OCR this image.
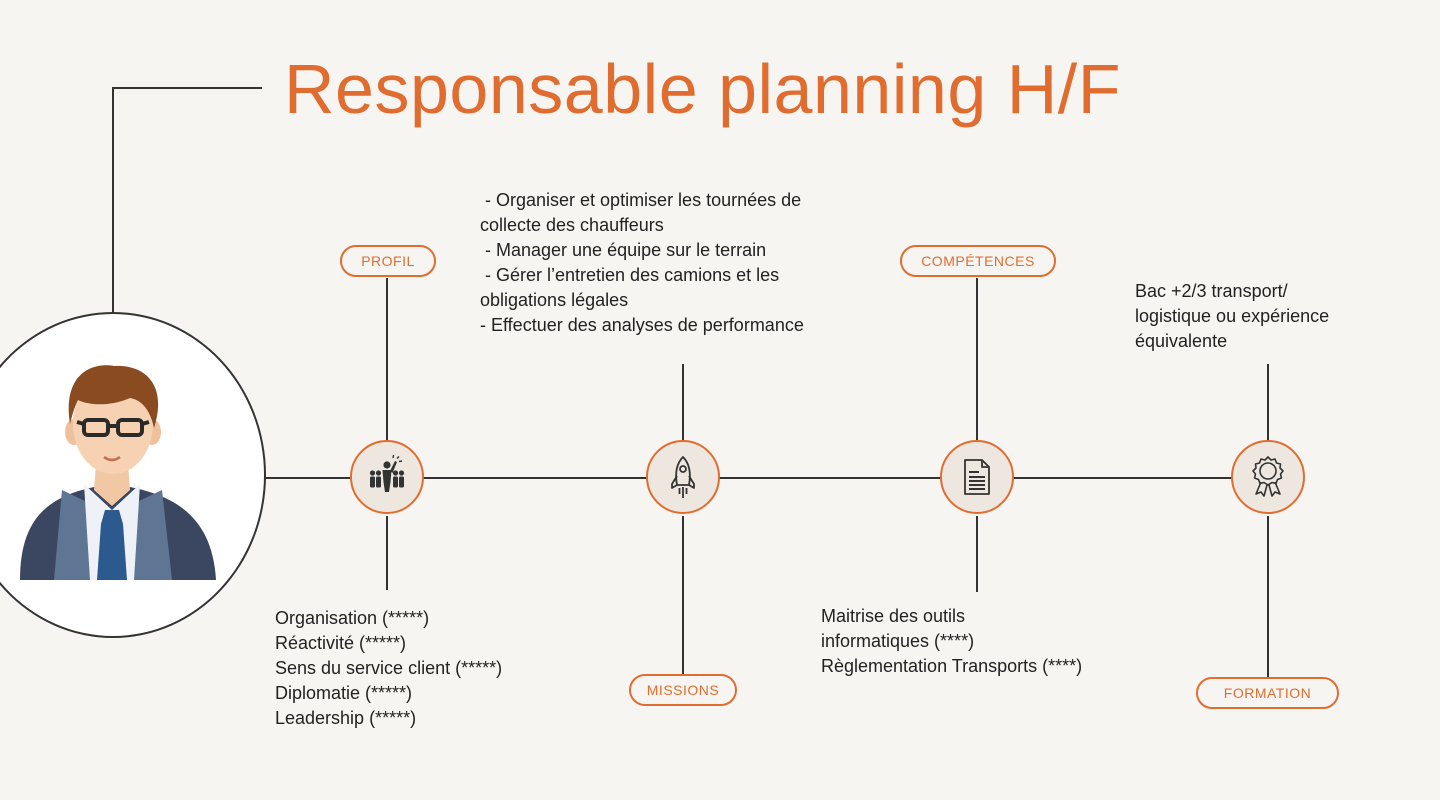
Responsable planning H/F
PROFIL
Organisation (*****)
Réactivité (*****)
Sens du service client (*****)
Diplomatie (*****)
Leadership (*****)
- Organiser et optimiser les tournées de
collecte des chauffeurs
- Manager une équipe sur le terrain
- Gérer l’entretien des camions et les
obligations légales
- Effectuer des analyses de performance
MISSIONS
COMPÉTENCES
Maitrise des outils
informatiques (****)
Règlementation Transports (****)
Bac +2/3 transport/
logistique ou expérience
équivalente
FORMATION
